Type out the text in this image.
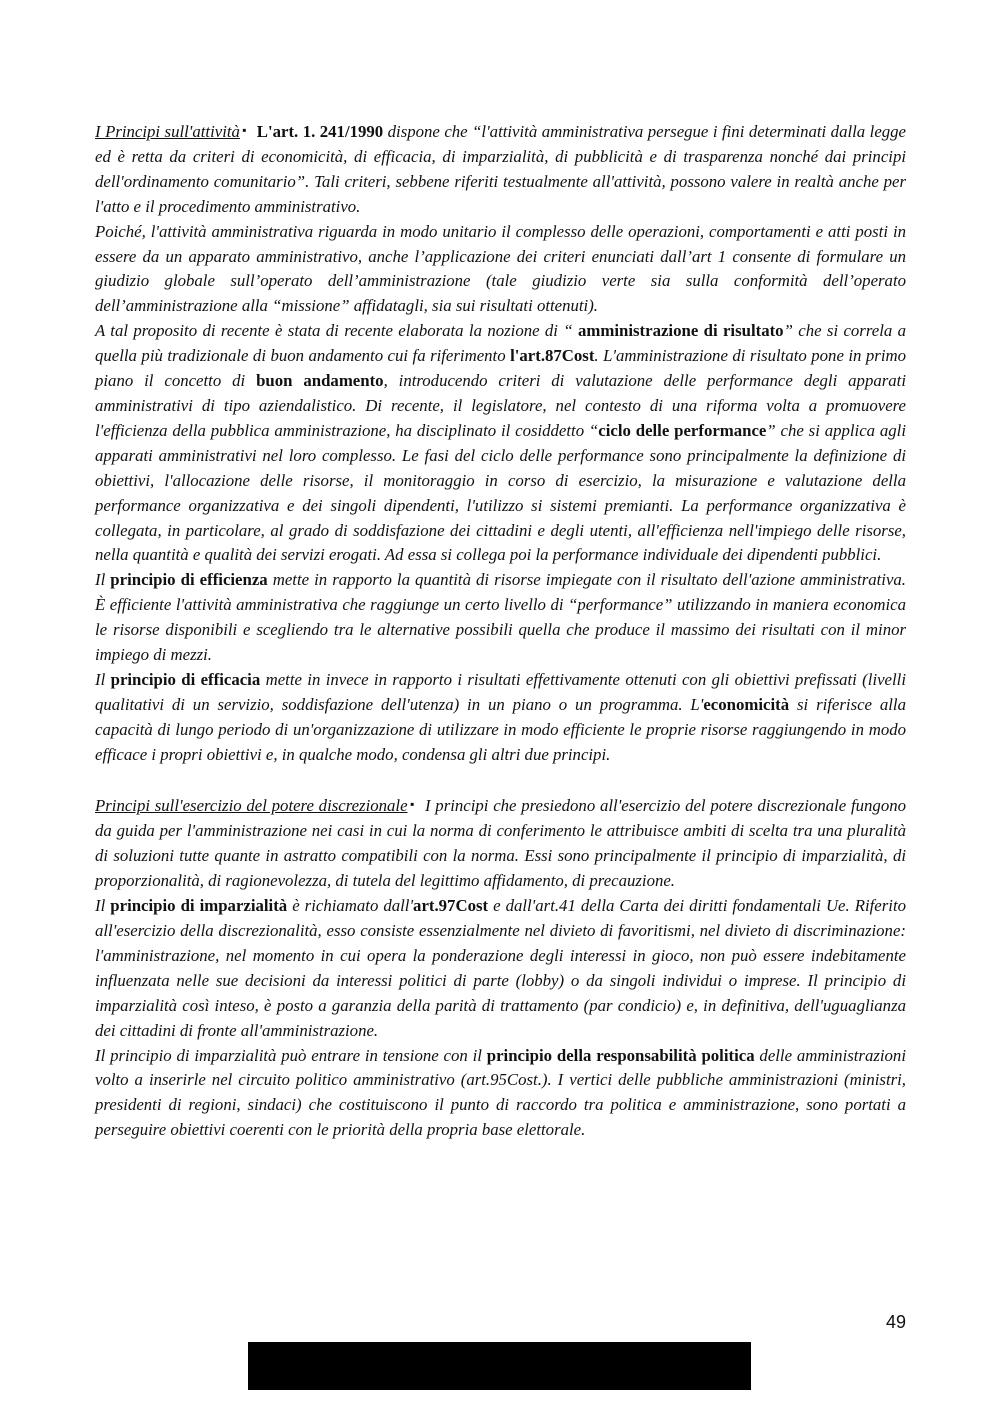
I Principi sull'attività ▪ L'art. 1. 241/1990 dispone che “l'attività amministrativa persegue i fini determinati dalla legge ed è retta da criteri di economicità, di efficacia, di imparzialità, di pubblicità e di trasparenza nonché dai principi dell'ordinamento comunitario”. Tali criteri, sebbene riferiti testualmente all'attività, possono valere in realtà anche per l'atto e il procedimento amministrativo.

Poiché, l'attività amministrativa riguarda in modo unitario il complesso delle operazioni, comportamenti e atti posti in essere da un apparato amministrativo, anche l’applicazione dei criteri enunciati dall’art 1 consente di formulare un giudizio globale sull’operato dell’amministrazione (tale giudizio verte sia sulla conformità dell’operato dell’amministrazione alla “missione” affidatagli, sia sui risultati ottenuti).

A tal proposito di recente è stata di recente elaborata la nozione di “ amministrazione di risultato” che si correla a quella più tradizionale di buon andamento cui fa riferimento l'art.87Cost. L'amministrazione di risultato pone in primo piano il concetto di buon andamento, introducendo criteri di valutazione delle performance degli apparati amministrativi di tipo aziendalistico. Di recente, il legislatore, nel contesto di una riforma volta a promuovere l'efficienza della pubblica amministrazione, ha disciplinato il cosiddetto “ciclo delle performance” che si applica agli apparati amministrativi nel loro complesso. Le fasi del ciclo delle performance sono principalmente la definizione di obiettivi, l'allocazione delle risorse, il monitoraggio in corso di esercizio, la misurazione e valutazione della performance organizzativa e dei singoli dipendenti, l'utilizzo si sistemi premianti. La performance organizzativa è collegata, in particolare, al grado di soddisfazione dei cittadini e degli utenti, all'efficienza nell'impiego delle risorse, nella quantità e qualità dei servizi erogati. Ad essa si collega poi la performance individuale dei dipendenti pubblici.

Il principio di efficienza mette in rapporto la quantità di risorse impiegate con il risultato dell'azione amministrativa. È efficiente l'attività amministrativa che raggiunge un certo livello di “performance” utilizzando in maniera economica le risorse disponibili e scegliendo tra le alternative possibili quella che produce il massimo dei risultati con il minor impiego di mezzi.

Il principio di efficacia mette in invece in rapporto i risultati effettivamente ottenuti con gli obiettivi prefissati (livelli qualitativi di un servizio, soddisfazione dell'utenza) in un piano o un programma. L'economicità si riferisce alla capacità di lungo periodo di un'organizzazione di utilizzare in modo efficiente le proprie risorse raggiungendo in modo efficace i propri obiettivi e, in qualche modo, condensa gli altri due principi.

Principi sull'esercizio del potere discrezionale ▪ I principi che presiedono all'esercizio del potere discrezionale fungono da guida per l'amministrazione nei casi in cui la norma di conferimento le attribuisce ambiti di scelta tra una pluralità di soluzioni tutte quante in astratto compatibili con la norma. Essi sono principalmente il principio di imparzialità, di proporzionalità, di ragionevolezza, di tutela del legittimo affidamento, di precauzione.

Il principio di imparzialità è richiamato dall'art.97Cost e dall'art.41 della Carta dei diritti fondamentali Ue. Riferito all'esercizio della discrezionalità, esso consiste essenzialmente nel divieto di favoritismi, nel divieto di discriminazione: l'amministrazione, nel momento in cui opera la ponderazione degli interessi in gioco, non può essere indebitamente influenzata nelle sue decisioni da interessi politici di parte (lobby) o da singoli individui o imprese. Il principio di imparzialità così inteso, è posto a garanzia della parità di trattamento (par condicio) e, in definitiva, dell'uguaglianza dei cittadini di fronte all'amministrazione.

Il principio di imparzialità può entrare in tensione con il principio della responsabilità politica delle amministrazioni volto a inserirle nel circuito politico amministrativo (art.95Cost.). I vertici delle pubbliche amministrazioni (ministri, presidenti di regioni, sindaci) che costituiscono il punto di raccordo tra politica e amministrazione, sono portati a perseguire obiettivi coerenti con le priorità della propria base elettorale.

49
